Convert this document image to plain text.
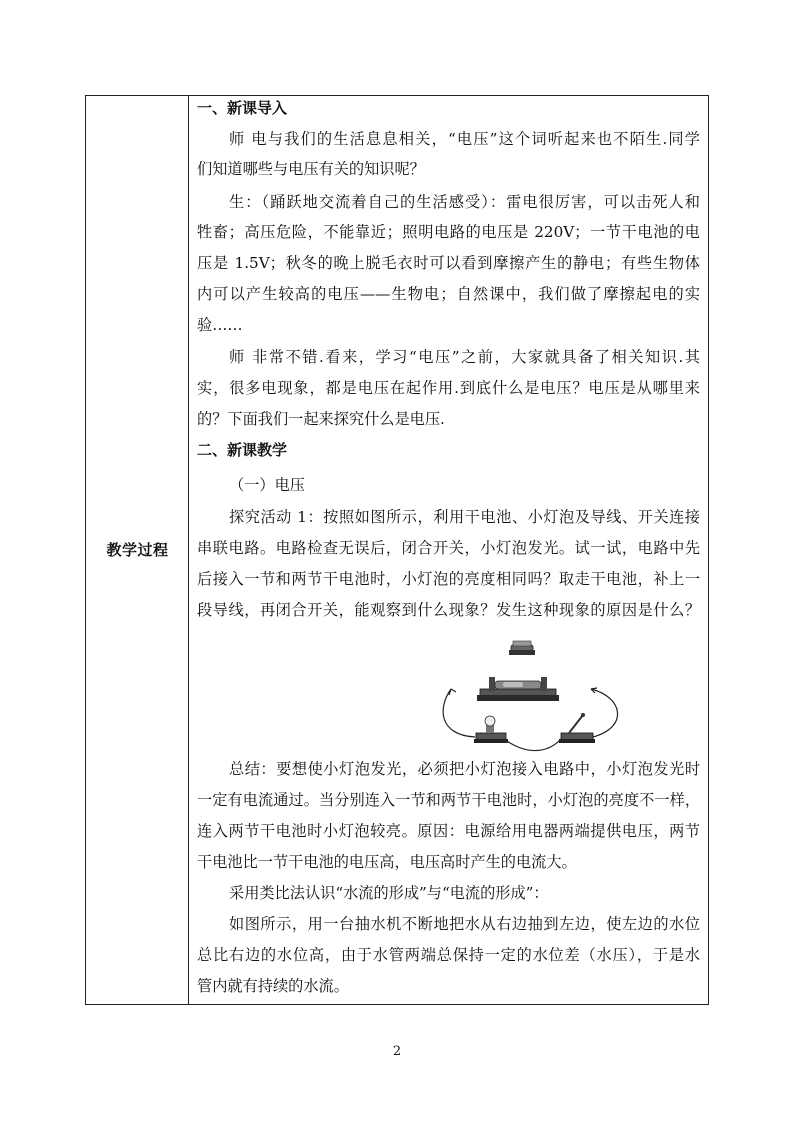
教学过程
一、新课导入
师 电与我们的生活息息相关，“电压”这个词听起来也不陌生.同学
们知道哪些与电压有关的知识呢？
生：（踊跃地交流着自己的生活感受）：雷电很厉害，可以击死人和
牲畜；高压危险，不能靠近；照明电路的电压是 220V；一节干电池的电
压是 1.5V；秋冬的晚上脱毛衣时可以看到摩擦产生的静电；有些生物体
内可以产生较高的电压——生物电；自然课中，我们做了摩擦起电的实
验……
师 非常不错.看来，学习“电压”之前，大家就具备了相关知识.其
实，很多电现象，都是电压在起作用.到底什么是电压？电压是从哪里来
的？下面我们一起来探究什么是电压.
二、新课教学
（一）电压
探究活动 1：按照如图所示，利用干电池、小灯泡及导线、开关连接
串联电路。电路检查无误后，闭合开关，小灯泡发光。试一试，电路中先
后接入一节和两节干电池时，小灯泡的亮度相同吗？取走干电池，补上一
段导线，再闭合开关，能观察到什么现象？发生这种现象的原因是什么？
总结：要想使小灯泡发光，必须把小灯泡接入电路中，小灯泡发光时
一定有电流通过。当分别连入一节和两节干电池时，小灯泡的亮度不一样，
连入两节干电池时小灯泡较亮。原因：电源给用电器两端提供电压，两节
干电池比一节干电池的电压高，电压高时产生的电流大。
采用类比法认识“水流的形成”与“电流的形成”：
如图所示，用一台抽水机不断地把水从右边抽到左边，使左边的水位
总比右边的水位高，由于水管两端总保持一定的水位差（水压），于是水
管内就有持续的水流。
2
